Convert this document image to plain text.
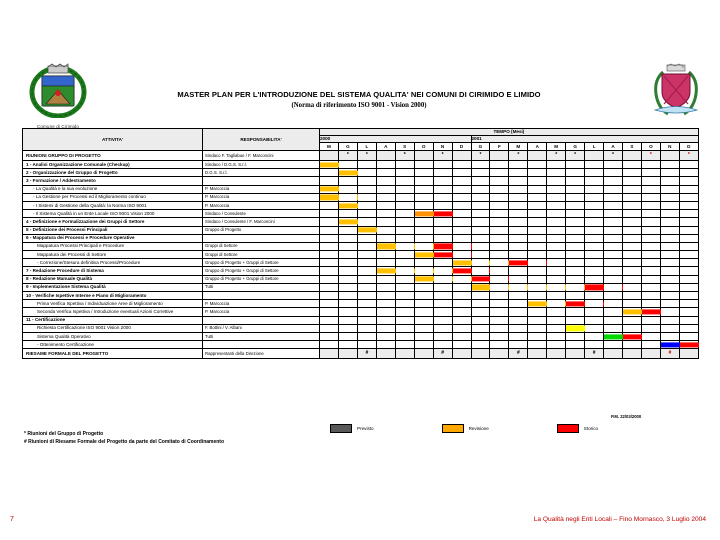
Comune di Cirimido
MASTER PLAN PER L'INTRODUZIONE DEL SISTEMA QUALITA' NEI COMUNI DI CIRIMIDO E LIMIDO
(Norma di riferimento ISO 9001 - Vision 2000)
ATTIVITA'	RESPONSABILITA'	TEMPO (Mesi)																			
		2000								2001											
		M	G	L	A	S	O	N	D	G	F	M	A	M	G	L	A	S	O	N	D
RIUNIONI GRUPPO DI PROGETTO	Sindaco F. Tagliabue / F. Marconcini		*	*		*		*		*		*		*	*		*		*		*

1 - Analisi Organizzazione Comunale (Checkup)	Sindaco / D.G.S. S.r.l.	

2 - Organizzazione del Gruppo di Progetto	D.G.S. S.r.l.		

3 - Formazione / Addestramento																					
- La Qualità e la sua evoluzione	P. Marcoccia	

- La Gestione per Processi ed il Miglioramento continuo	P. Marcoccia	

- I Sistemi di Gestione della Qualità: la Norma ISO 9001	P. Marcoccia		

- Il Sistema Qualità in un Ente Locale ISO 9001 Vision 2000	Sindaco / Consulente						

4 - Definizione e Formalizzazione dei Gruppi di Settore	Sindaco / Consulente / F. Marconcini		

5 - Definizione dei Processi Principali	Gruppo di Progetto			

6 - Mappatura dei Processi e Procedure Operative																					
Mappatura Processi Principali e Procedure	Gruppi di Settore				

Mappatura dei Processi di Settore	Gruppi di Settore						

- Correzione/Stesura definitiva Processi/Procedure	Gruppo di Progetto + Gruppi di Settore								

7 - Redazione Procedure di Sistema	Gruppo di Progetto + Gruppi di Settore				

8 - Redazione Manuale Qualità	Gruppo di Progetto + Gruppi di Settore						

9 - Implementazione Sistema Qualità	Tutti									

10 - Verifiche Ispettive Interne e Piano di Miglioramento																					
Prima Verifica Ispettiva / Individuazione Aree di Miglioramento	P. Marcoccia												

Seconda Verifica Ispettiva / Introduzione eventuali Azioni Correttive	P. Marcoccia																	

11 - Certificazione																					
Richiesta Certificazione ISO 9001 Vision 2000	F. Bottini / V. Albani														

Sistema Qualità Operativo	Tutti																

- Ottenimento Certificazione																				

RIESAME FORMALE DEL PROGETTO	Rappresentanti della Direzione			#				#				#				#				#	

Previsto	Revisione	Storico
P.M. 22/03/2000
* Riunioni del Gruppo di Progetto
# Riunioni di Riesame Formale del Progetto da parte del Comitato di Coordinamento
7	La Qualità negli Enti Locali – Fino Mornasco, 3 Luglio 2004
